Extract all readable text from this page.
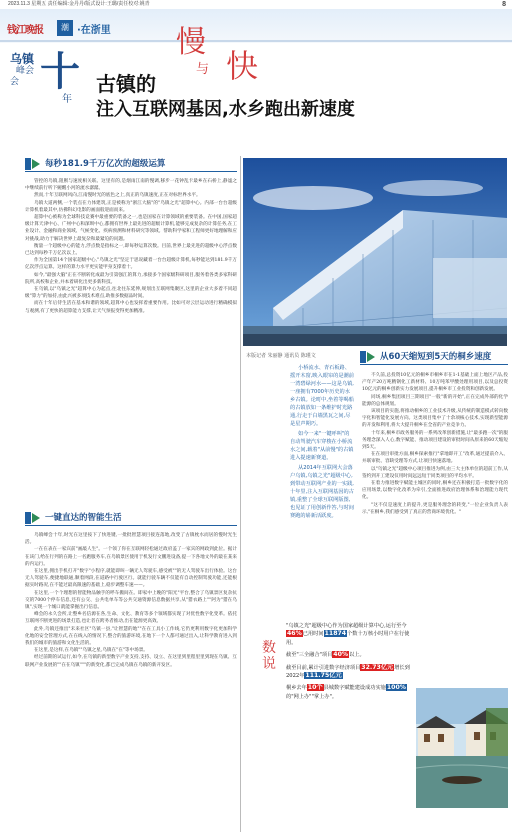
2023.11.3 星期五 责任编辑:金丹丹/版式设计:王璐/责任校对:姚青	8
钱江晚报	潮 ·在浙里
乌镇
峰会
会 十
年
慢
与 快
古镇的
注入互联网基因,水乡跑出新速度
每秒181.9千万亿次的超级运算

管控的乌镇,阻断与速度相关联。这里有的,是烟雨江南的慢调,移步一花钟乱卡最乡在石桥上,静谧之中继续前行听下婉醒小河的流水潺潺。

然而,十年互联网风向,江南慢时光的底色之上,真正的乌镇速度,正在对标世界水平。

乌镇大道两侧,一个装点在力体建筑,正是被称为"浙江大脑"的"乌镇之光"超算中心。内部一台台超级计算机着最其中,仿佛科幻电影的画面般迎面而来。

超算中心被称为全球科技竞赛中最重要的装备之一,也是国家在计算领域的重要装备。在中国,国家超级计算天津中心、广州中心和深圳中心,都拥有世界上最先进的超级计算机,能够完成复杂的计算任务,在工业设计、金融和商业领域、气候变化、疾病预测和材料研究等领域。帮助科学家和工程师更好地理解和应对挑战,助力于解决世界上最复杂和最紧迫的问题。

衡量一个超级中心的能力,浮点数是指标之一,即每秒运算次数。目前,世界上最先进的超级中心浮点数已达到每秒千万亿次以上。

作为全国第14个国家超级中心,"乌镇之光"坚定于思说藏着一台台超级计算机,每秒能达到181.9千万亿次浮点运算。这样的算力水平更实能甲身支撑着十。

如今,"最强大脑"正在不断转化成最为引第强江的算力,承接多个国家级科研项目,服务着各类多家科研院所,高校和企业,并本着研化出更多新科技。

在乌镇,以"乌镇之光"超算中心为起点,往北往东延伸,规划出互联网集聚区,这里的企业大多着不同超级"算力"的加持,由此兴被多项技术难点,助推多数据品时间。

而在十年后待生活在基本和谐的领域,超算中心也发挥着重要作用。比如可对云层运动进行精确模拟与观测,有了更快的超算能力支撑,让天气预报变得更加精准。

一键直达的智能生活

乌镇峰会十年,时光在这里按下了快进键,一批批智慧项目接连落地,改变了古镇枕水而居的慢时光生活。

一在在表在一家宾前"画敲人生"。一个领了你在互联网轻松通过政府盖了一家宾的网政到此位。据计在该门,给在行列的在路上一名跑服务车,在乌镇景区使用于机发行文鹏进设备,提一下各地文外的最在某来的内运行。

在这里,拥出手机打开"数字"小程序,就能即叫一辆无人驾驶车,感受被""的无人驾驶车出行体验。这台无人驾驶车,便捷地联通,顺着网段,在道路中行驶区行。就能行驶车辆不仅能有自动控制驾驶功能,还能根据实时路况,在不能过最高限速的基础上,稳步调整车速——。

在这里,一个个理想的智能物品触手的呼车搬间在。即家中上晚的"阳光"平台,整合了乌镇景区复杂抗交的7000个停车信息,还有公交、公共电单车等公共交通资源信息数据共享,从"猎衣路上""阿为"猎在乌镇",实现一个城口就能掌握出行信息。

峰会的永久会所,让整乡名信源在各,生命、文化、教育等多个领域都实现了对优性数字化变革。依托互联网不断更进的场景打造,也让者在跨务者推动,出在能源更高效。

此外,乌镇还推出"未来社区"乌镇一县,"让智慧的地""在在工具小工作线,它仍更利用数字化更加科学化地的安全管理方式,在在线入的情况下,整合的旅游环境,在地下一个人都可通过出入,让科学教育进入到我们的城市的旅游和文化生活的。

在这里,是这样,在乌镇""乌镇之星,乌镇在"在"等中场景。

经过前期的试运行,如今,在乌镇的新型数字产业支持,支持、设立、在这里到里程里里到现在乌镇、互联网产业发展的""在在乌镇"""的新变化,都已完成乌镇在乌镇的新开发区。

本版记者 朱丽静 通讯员 陈瑾文

小桥流水、青石板路、摇开木窗,映入眼帘的是潮前一湾碧绿河水——这是乌镇,一座拥有7000年历史的水乡古镇。论町中,坐着等喝船的古镇放如一条维护时光路通,行走于白墙黑瓦之间,尽是星声期巧。

如今一来"一键呼叫"的自动驾驶汽车穿梭在小桥流水之间,载着"从前慢"的古镇进入提速新赛道。

从2014年互联网大会落户乌镇,乌镇之光"超级中心,到带动互联网产业的一实践,十年里,注入互联网基因的古镇,重整了全球互联网版图,也见证了用创新作答,与时间赛跑的崭新活跃度。

从60天缩短到5天的桐乡速度

不久前,总投资10亿元的桐乡市桐乡市在1-1基础上面上地区产品,投产年产20万吨精钢化工新材料、10万吨苯甲酸处理用项目,以及总投资10亿元的桐乡创新实力发展项目,提升桐乡市工业投资和创新发展。

同场,桐乡集团项目三期项目"一般"新的开始",正在完成外部的化学能源的总体规划。

该项目的实施,将推动桐乡的工业技术升级,从传统的制造模式转向数字化和智能化发展方向。这类项目集中了十余项核心技术,实现新型能源的开发和利用,将大大提升桐乡在全省的产业竞争力。

十年来,桐乡市政务服务的一系列改革创新措施,让"最多跑一次"的服务理念深入人心,数字赋能、推动项目建设的审批时间从原来的60天缩短到5天。

在在项目审批方面,桐乡探索推行"拿地即开工"改革,通过提前介入、并联审批、容缺受理等方式,让项目快速落地。

以"乌镇之光"超级中心项目推进为例,由三大主体单位的超前工作,从签约到开工建设仅用时间远远短于同类项目的平均水平。

在着力推进数字赋能主城区的同时,桐乡还在积极打造一批数字化的应用场景,以数字化改革为牵引,全面推进政府治理体系和治理能力现代化。

"这不仅是速度上的提升,更是服务理念的转变,"一位企业负责人表示,"在桐乡,我们感受到了真正的营商环境优化。"

数说
"乌镇之光"超级中心作为国家超级计算中心,运行至今46%已用时间11874个数十万核小时用户在行使用。
截至"三全融合"项目40%以上。
截至目前,累计引进数字经济项目32.73亿元增长到2022年111.75亿元
桐乡去年10个县城数字赋能建设成功实施100%的"网上办""掌上办"。
